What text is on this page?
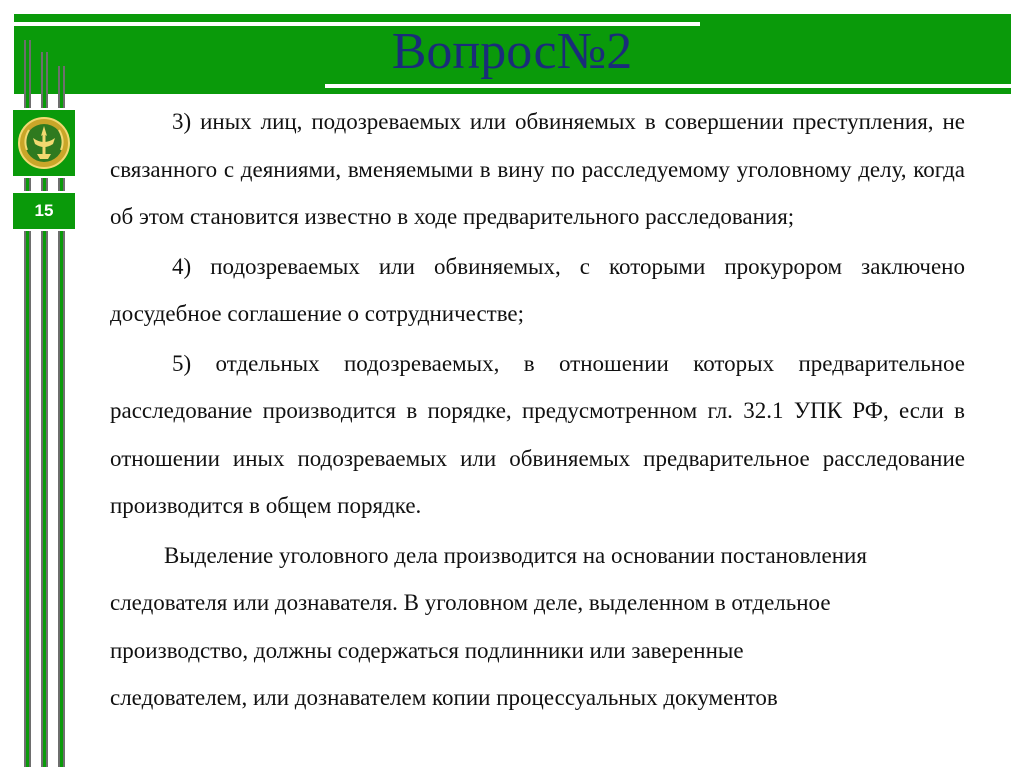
Вопрос№2
15

3) иных лиц, подозреваемых или обвиняемых в совершении преступления, не связанного с деяниями, вменяемыми в вину по расследуемому уголовному делу, когда об этом становится известно в ходе предварительного расследования;

4) подозреваемых или обвиняемых, с которыми прокурором заключено досудебное соглашение о сотрудничестве;

5) отдельных подозреваемых, в отношении которых предварительное расследование производится в порядке, предусмотренном гл. 32.1 УПК РФ, если в отношении иных подозреваемых или обвиняемых предварительное расследование производится в общем порядке.

Выделение уголовного дела производится на основании постановления

следователя или дознавателя. В уголовном деле, выделенном в отдельное

производство, должны содержаться подлинники или заверенные

следователем, или дознавателем копии процессуальных документов
